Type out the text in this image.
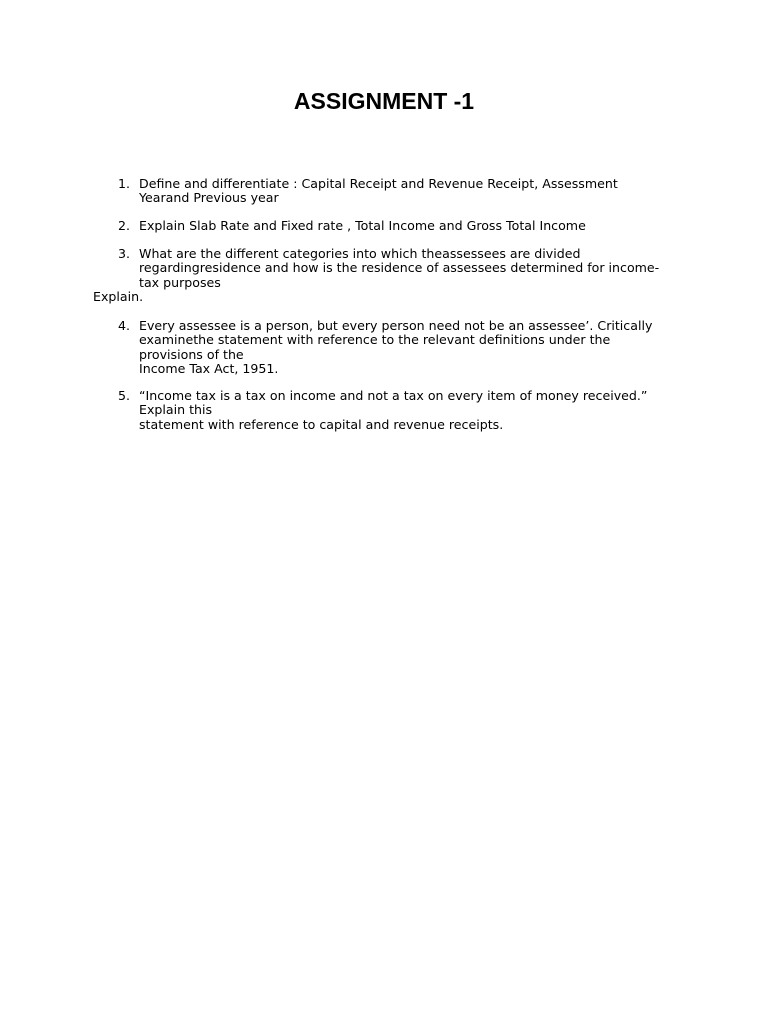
ASSIGNMENT -1
1. Define and differentiate : Capital Receipt and Revenue Receipt, Assessment
Yearand Previous year
2. Explain Slab Rate and Fixed rate , Total Income and Gross Total Income
3. What are the different categories into which theassessees are divided
regardingresidence and how is the residence of assessees determined for income-
tax purposes
Explain.
4. Every assessee is a person, but every person need not be an assessee’. Critically
examinethe statement with reference to the relevant definitions under the
provisions of the
Income Tax Act, 1951.
5. “Income tax is a tax on income and not a tax on every item of money received.”
Explain this
statement with reference to capital and revenue receipts.
